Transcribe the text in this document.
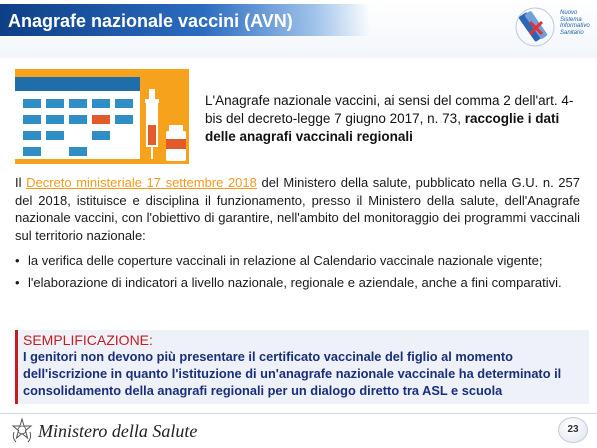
Anagrafe nazionale vaccini (AVN)	Nuovo
Sistema
Informativo
Sanitario
L'Anagrafe nazionale vaccini, ai sensi del comma 2 dell'art. 4-bis del decreto-legge 7 giugno 2017, n. 73, raccoglie i dati delle anagrafi vaccinali regionali
Il Decreto ministeriale 17 settembre 2018 del Ministero della salute, pubblicato nella G.U. n. 257 del 2018, istituisce e disciplina il funzionamento, presso il Ministero della salute, dell'Anagrafe nazionale vaccini, con l'obiettivo di garantire, nell'ambito del monitoraggio dei programmi vaccinali sul territorio nazionale:
• la verifica delle coperture vaccinali in relazione al Calendario vaccinale nazionale vigente;
• l'elaborazione di indicatori a livello nazionale, regionale e aziendale, anche a fini comparativi.
SEMPLIFICAZIONE:
I genitori non devono più presentare il certificato vaccinale del figlio al momento dell'iscrizione in quanto l'istituzione di un'anagrafe nazionale vaccinale ha determinato il consolidamento della anagrafi regionali per un dialogo diretto tra ASL e scuola
Ministero della Salute	23
